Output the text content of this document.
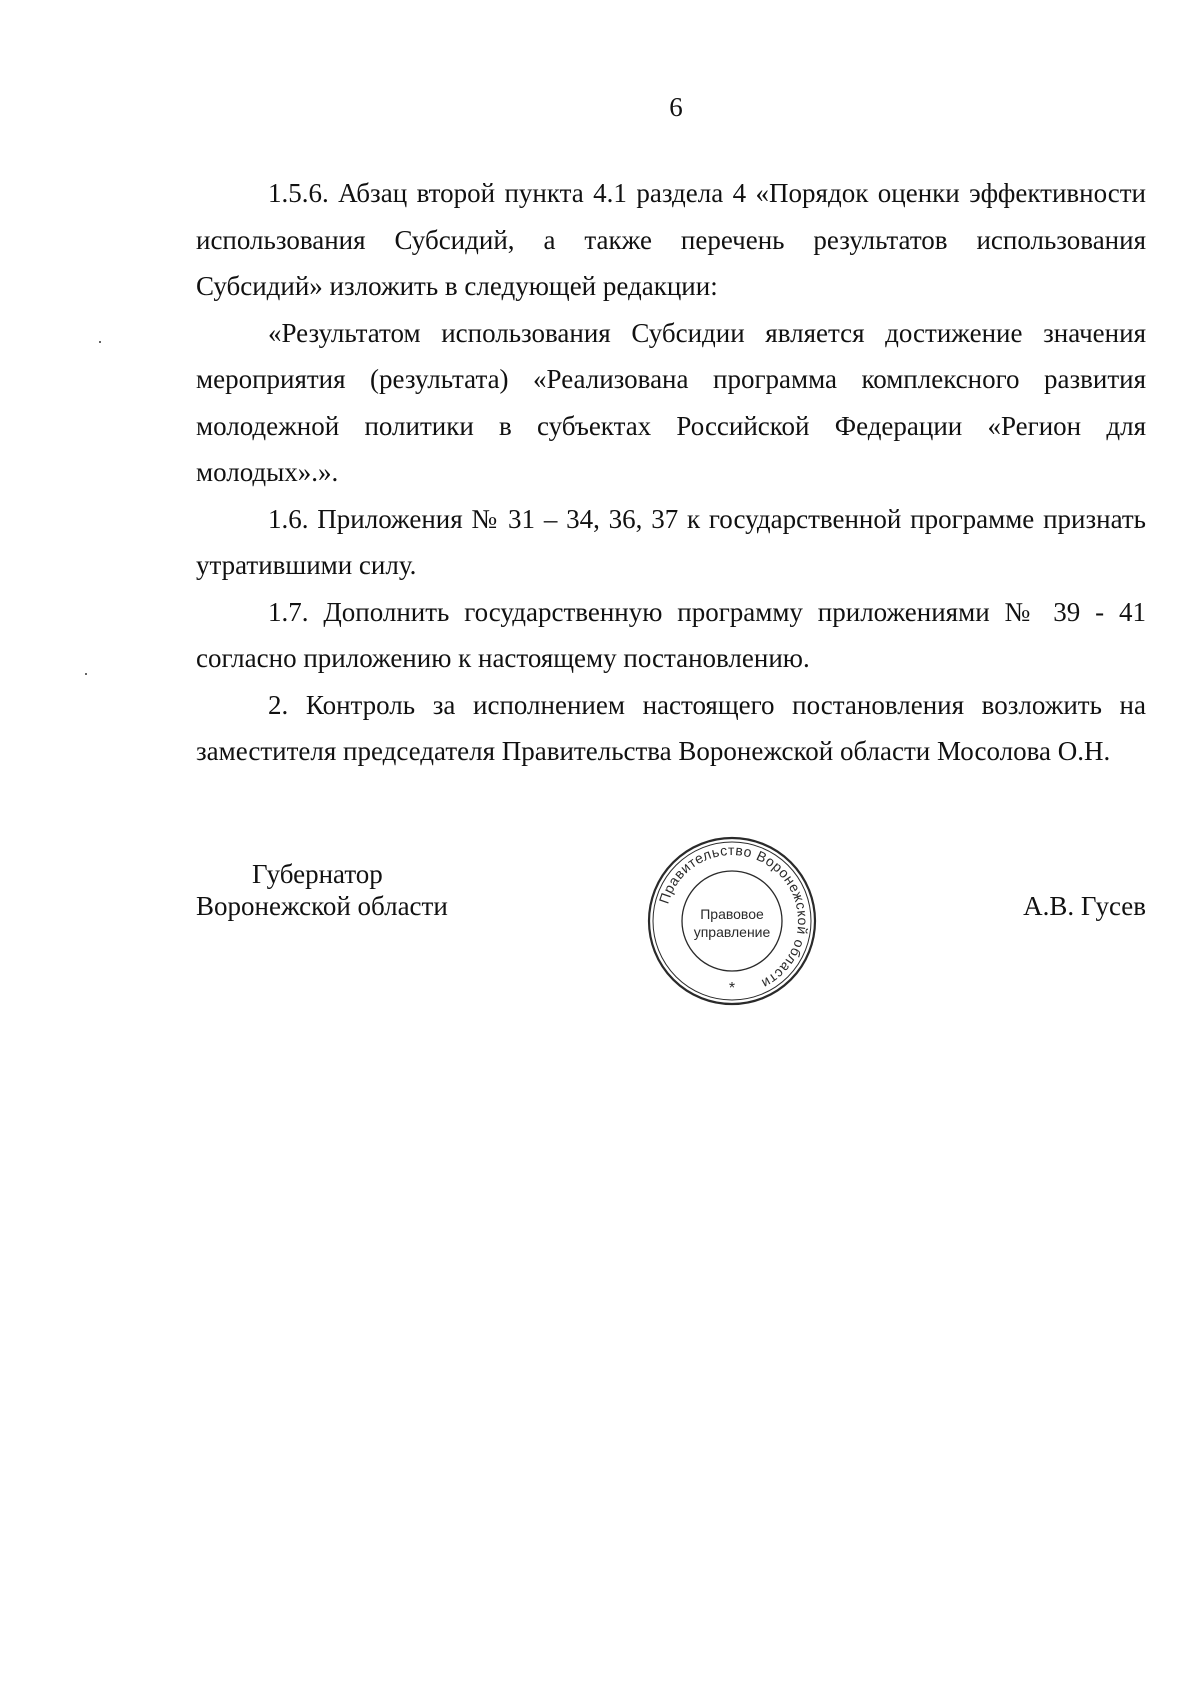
6

1.5.6. Абзац второй пункта 4.1 раздела 4 «Порядок оценки эффективности использования Субсидий, а также перечень результатов использования Субсидий» изложить в следующей редакции:

«Результатом использования Субсидии является достижение значения мероприятия (результата) «Реализована программа комплексного развития молодежной политики в субъектах Российской Федерации «Регион для молодых».».

1.6. Приложения № 31 – 34, 36, 37 к государственной программе признать утратившими силу.

1.7. Дополнить государственную программу приложениями № 39 - 41 согласно приложению к настоящему постановлению.

2. Контроль за исполнением настоящего постановления возложить на заместителя председателя Правительства Воронежской области Мосолова О.Н.

Губернатор
Воронежской области	А.В. Гусев
Правительство Воронежской области
Правовое
управление
*
